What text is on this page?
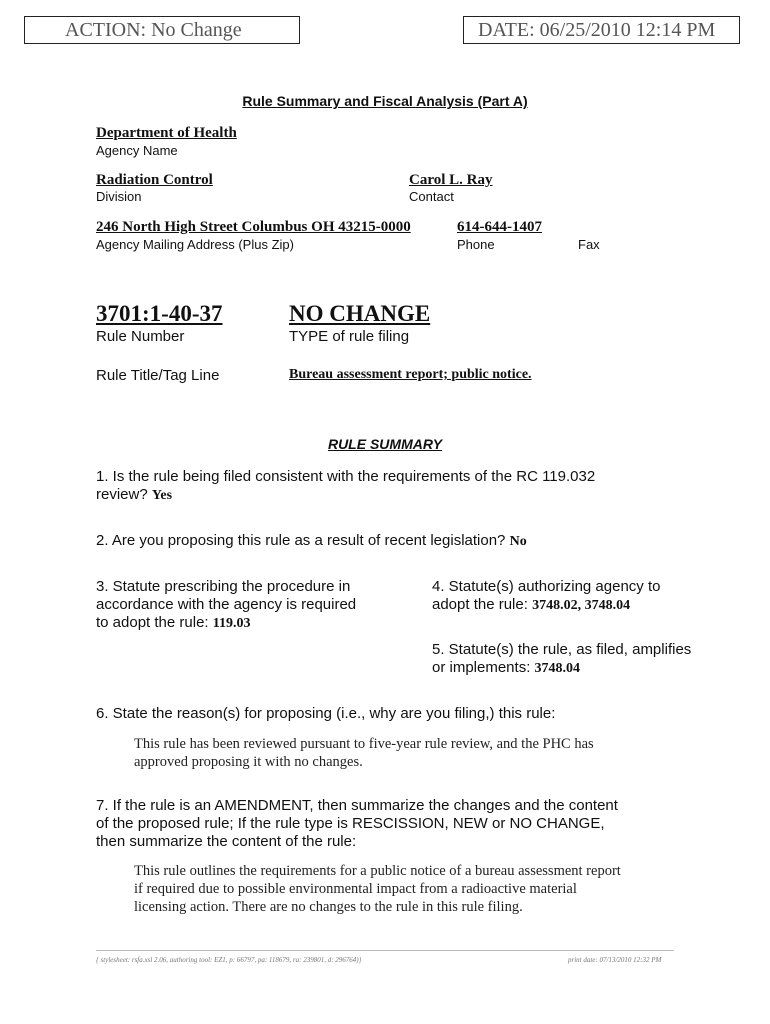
ACTION: No Change	DATE: 06/25/2010 12:14 PM
Rule Summary and Fiscal Analysis (Part A)
Department of Health
Agency Name
Radiation Control
Division
Carol L. Ray
Contact
246 North High Street Columbus OH 43215-0000
Agency Mailing Address (Plus Zip)
614-644-1407
Phone	Fax
3701:1-40-37
Rule Number
NO CHANGE
TYPE of rule filing
Rule Title/Tag Line	Bureau assessment report; public notice.
RULE SUMMARY
1. Is the rule being filed consistent with the requirements of the RC 119.032
review? Yes
2. Are you proposing this rule as a result of recent legislation? No
3. Statute prescribing the procedure in
accordance with the agency is required
to adopt the rule: 119.03
4. Statute(s) authorizing agency to
adopt the rule: 3748.02, 3748.04
5. Statute(s) the rule, as filed, amplifies
or implements: 3748.04
6. State the reason(s) for proposing (i.e., why are you filing,) this rule:
This rule has been reviewed pursuant to five-year rule review, and the PHC has
approved proposing it with no changes.
7. If the rule is an AMENDMENT, then summarize the changes and the content
of the proposed rule; If the rule type is RESCISSION, NEW or NO CHANGE,
then summarize the content of the rule:
This rule outlines the requirements for a public notice of a bureau assessment report
if required due to possible environmental impact from a radioactive material
licensing action. There are no changes to the rule in this rule filing.
{ stylesheet: rsfa.xsl 2.06, authoring tool: EZ1, p: 66797, pa: 118679, ra: 239801, d: 296764)}	print date: 07/13/2010 12:32 PM
